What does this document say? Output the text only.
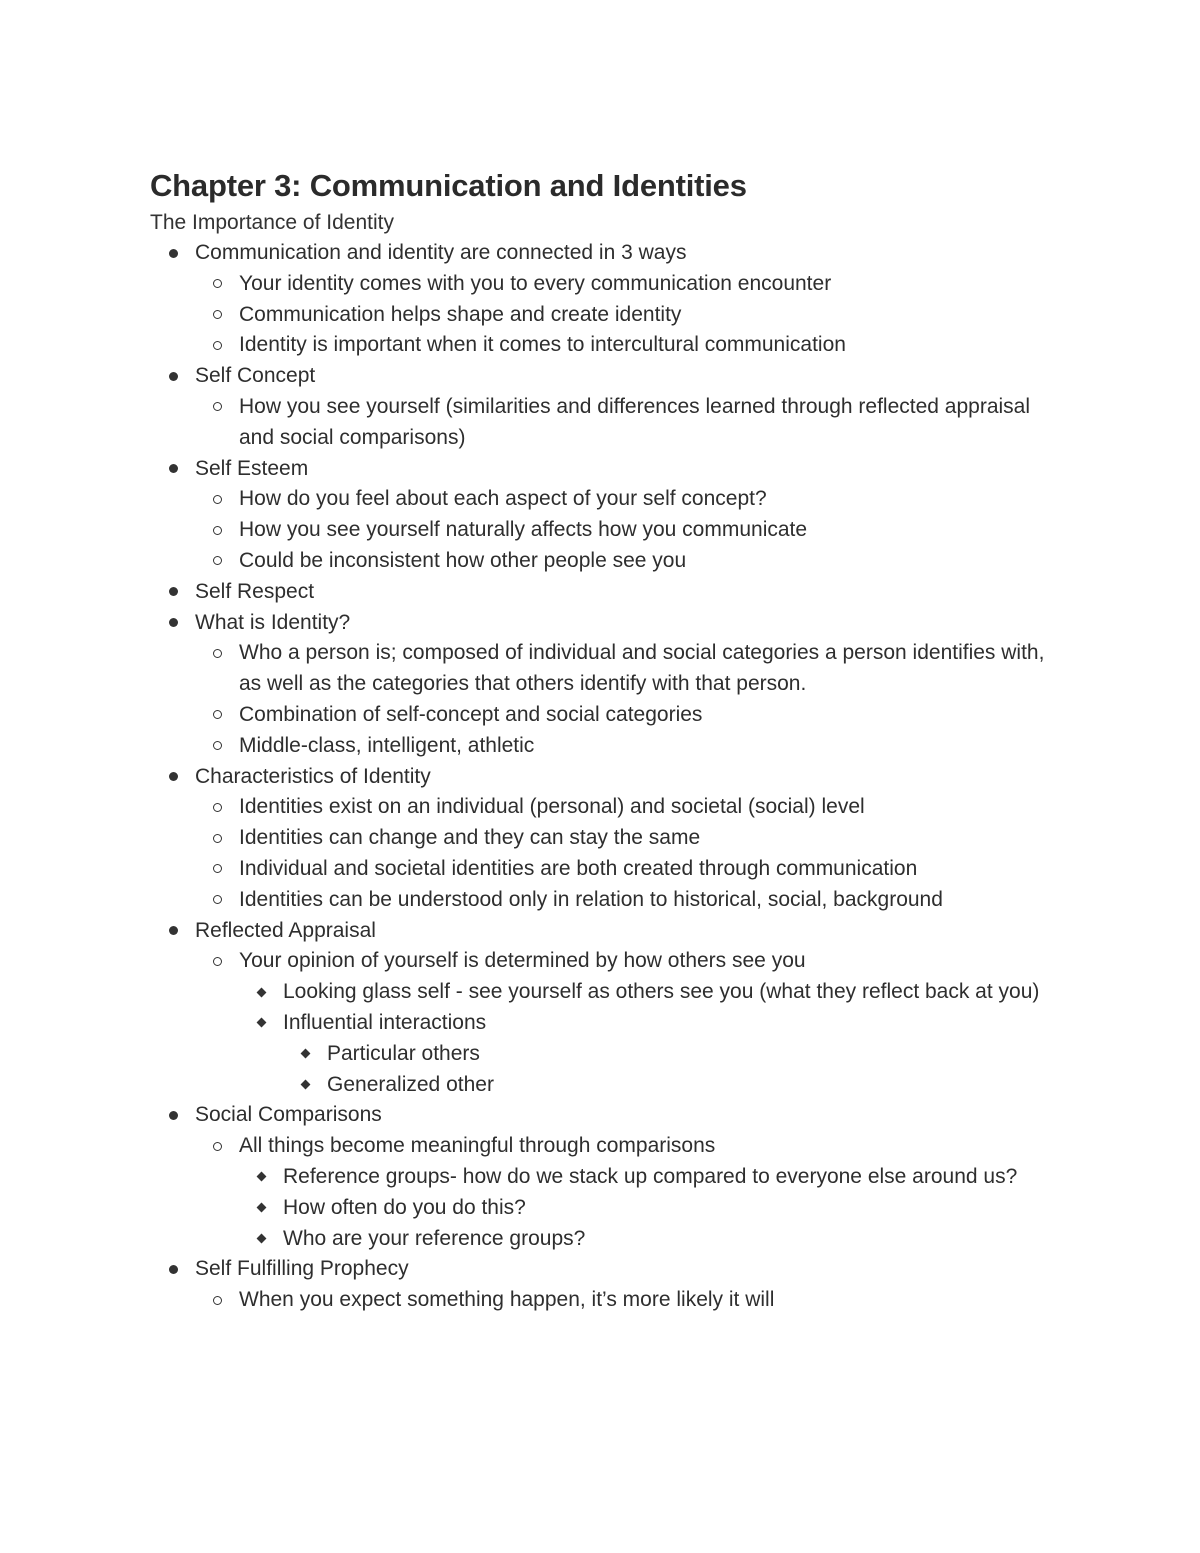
Chapter 3: Communication and Identities

The Importance of Identity

Communication and identity are connected in 3 ways
Your identity comes with you to every communication encounter
Communication helps shape and create identity
Identity is important when it comes to intercultural communication
Self Concept
How you see yourself (similarities and differences learned through reflected appraisal and social comparisons)
Self Esteem
How do you feel about each aspect of your self concept?
How you see yourself naturally affects how you communicate
Could be inconsistent how other people see you
Self Respect
What is Identity?
Who a person is; composed of individual and social categories a person identifies with, as well as the categories that others identify with that person.
Combination of self-concept and social categories
Middle-class, intelligent, athletic
Characteristics of Identity
Identities exist on an individual (personal) and societal (social) level
Identities can change and they can stay the same
Individual and societal identities are both created through communication
Identities can be understood only in relation to historical, social, background
Reflected Appraisal
Your opinion of yourself is determined by how others see you
Looking glass self - see yourself as others see you (what they reflect back at you)
Influential interactions
Particular others
Generalized other
Social Comparisons
All things become meaningful through comparisons
Reference groups- how do we stack up compared to everyone else around us?
How often do you do this?
Who are your reference groups?
Self Fulfilling Prophecy
When you expect something happen, it’s more likely it will
